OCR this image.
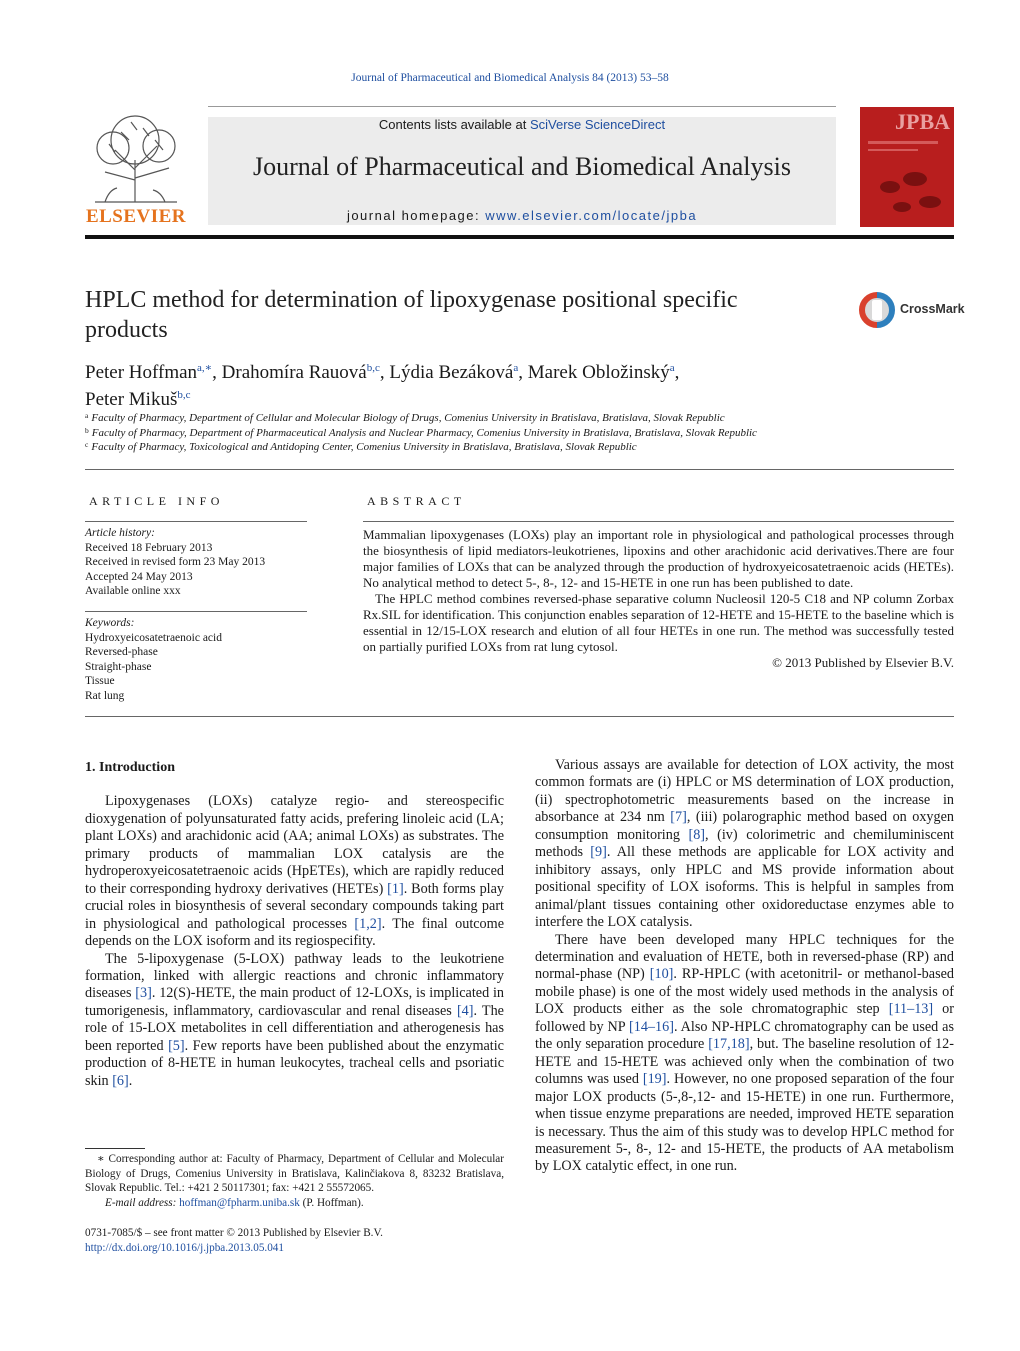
Journal of Pharmaceutical and Biomedical Analysis 84 (2013) 53–58
ELSEVIER
Contents lists available at SciVerse ScienceDirect
Journal of Pharmaceutical and Biomedical Analysis
journal homepage: www.elsevier.com/locate/jpba
JPBA
HPLC method for determination of lipoxygenase positional specific products
CrossMark
Peter Hoffman$^{a,∗}$, Drahomíra Rauová$^{b,c}$, Lýdia Bezáková$^a$, Marek Obložinský$^a$,
Peter Mikuš$^{b,c}$
$^a$ Faculty of Pharmacy, Department of Cellular and Molecular Biology of Drugs, Comenius University in Bratislava, Bratislava, Slovak Republic
$^b$ Faculty of Pharmacy, Department of Pharmaceutical Analysis and Nuclear Pharmacy, Comenius University in Bratislava, Bratislava, Slovak Republic
$^c$ Faculty of Pharmacy, Toxicological and Antidoping Center, Comenius University in Bratislava, Bratislava, Slovak Republic
ARTICLE INFO
Article history:
Received 18 February 2013
Received in revised form 23 May 2013
Accepted 24 May 2013
Available online xxx
Keywords:
Hydroxyeicosatetraenoic acid
Reversed-phase
Straight-phase
Tissue
Rat lung
ABSTRACT

Mammalian lipoxygenases (LOXs) play an important role in physiological and pathological processes through the biosynthesis of lipid mediators-leukotrienes, lipoxins and other arachidonic acid derivatives.There are four major families of LOXs that can be analyzed through the production of hydroxyeicosatetraenoic acids (HETEs). No analytical method to detect 5-, 8-, 12- and 15-HETE in one run has been published to date.

The HPLC method combines reversed-phase separative column Nucleosil 120-5 C18 and NP column Zorbax Rx.SIL for identification. This conjunction enables separation of 12-HETE and 15-HETE to the baseline which is essential in 12/15-LOX research and elution of all four HETEs in one run. The method was successfully tested on partially purified LOXs from rat lung cytosol.

© 2013 Published by Elsevier B.V.

1. Introduction

Lipoxygenases (LOXs) catalyze regio- and stereospecific dioxygenation of polyunsaturated fatty acids, prefering linoleic acid (LA; plant LOXs) and arachidonic acid (AA; animal LOXs) as substrates. The primary products of mammalian LOX catalysis are the hydroperoxyeicosatetraenoic acids (HpETEs), which are rapidly reduced to their corresponding hydroxy derivatives (HETEs) [1]. Both forms play crucial roles in biosynthesis of several secondary compounds taking part in physiological and pathological processes [1,2]. The final outcome depends on the LOX isoform and its regiospecifity.

The 5-lipoxygenase (5-LOX) pathway leads to the leukotriene formation, linked with allergic reactions and chronic inflammatory diseases [3]. 12(S)-HETE, the main product of 12-LOXs, is implicated in tumorigenesis, inflammatory, cardiovascular and renal diseases [4]. The role of 15-LOX metabolites in cell differentiation and atherogenesis has been reported [5]. Few reports have been published about the enzymatic production of 8-HETE in human leukocytes, tracheal cells and psoriatic skin [6].

∗ Corresponding author at: Faculty of Pharmacy, Department of Cellular and Molecular Biology of Drugs, Comenius University in Bratislava, Kalinčiakova 8, 83232 Bratislava, Slovak Republic. Tel.: +421 2 50117301; fax: +421 2 55572065.
E-mail address: hoffman@fpharm.uniba.sk (P. Hoffman).
0731-7085/$ – see front matter © 2013 Published by Elsevier B.V.
http://dx.doi.org/10.1016/j.jpba.2013.05.041

Various assays are available for detection of LOX activity, the most common formats are (i) HPLC or MS determination of LOX production, (ii) spectrophotometric measurements based on the increase in absorbance at 234 nm [7], (iii) polarographic method based on oxygen consumption monitoring [8], (iv) colorimetric and chemiluminiscent methods [9]. All these methods are applicable for LOX activity and inhibitory assays, only HPLC and MS provide information about positional specifity of LOX isoforms. This is helpful in samples from animal/plant tissues containing other oxidoreductase enzymes able to interfere the LOX catalysis.

There have been developed many HPLC techniques for the determination and evaluation of HETE, both in reversed-phase (RP) and normal-phase (NP) [10]. RP-HPLC (with acetonitril- or methanol-based mobile phase) is one of the most widely used methods in the analysis of LOX products either as the sole chromatographic step [11–13] or followed by NP [14–16]. Also NP-HPLC chromatography can be used as the only separation procedure [17,18], but. The baseline resolution of 12-HETE and 15-HETE was achieved only when the combination of two columns was used [19]. However, no one proposed separation of the four major LOX products (5-,8-,12- and 15-HETE) in one run. Furthermore, when tissue enzyme preparations are needed, improved HETE separation is necessary. Thus the aim of this study was to develop HPLC method for measurement 5-, 8-, 12- and 15-HETE, the products of AA metabolism by LOX catalytic effect, in one run.
